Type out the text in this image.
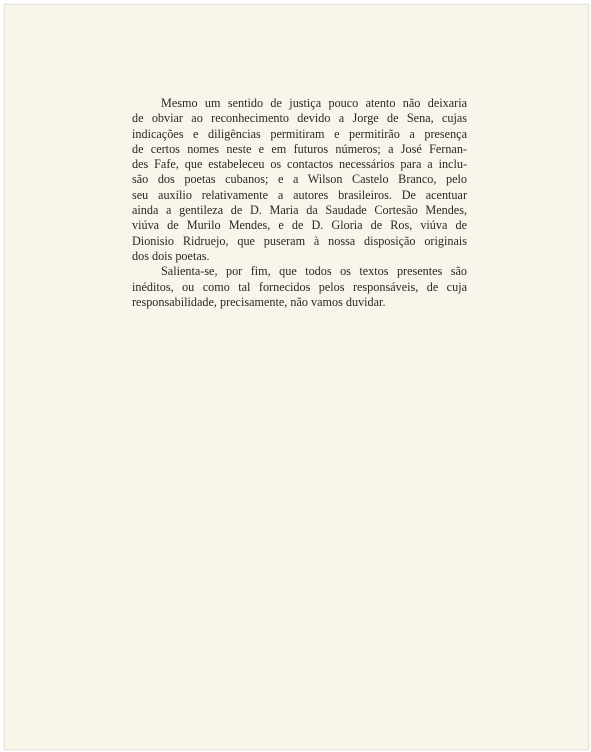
Mesmo um sentido de justiça pouco atento não deixaria
de obviar ao reconhecimento devido a Jorge de Sena, cujas
indicações e diligências permitiram e permitirão a presença
de certos nomes neste e em futuros números; a José Fernan-
des Fafe, que estabeleceu os contactos necessários para a inclu-
são dos poetas cubanos; e a Wilson Castelo Branco, pelo
seu auxílio relativamente a autores brasileiros. De acentuar
ainda a gentileza de D. Maria da Saudade Cortesão Mendes,
viúva de Murilo Mendes, e de D. Gloria de Ros, viúva de
Dionisio Ridruejo, que puseram à nossa disposição originais
dos dois poetas.
Salienta-se, por fim, que todos os textos presentes são
inéditos, ou como tal fornecidos pelos responsáveis, de cuja
responsabilidade, precisamente, não vamos duvidar.
